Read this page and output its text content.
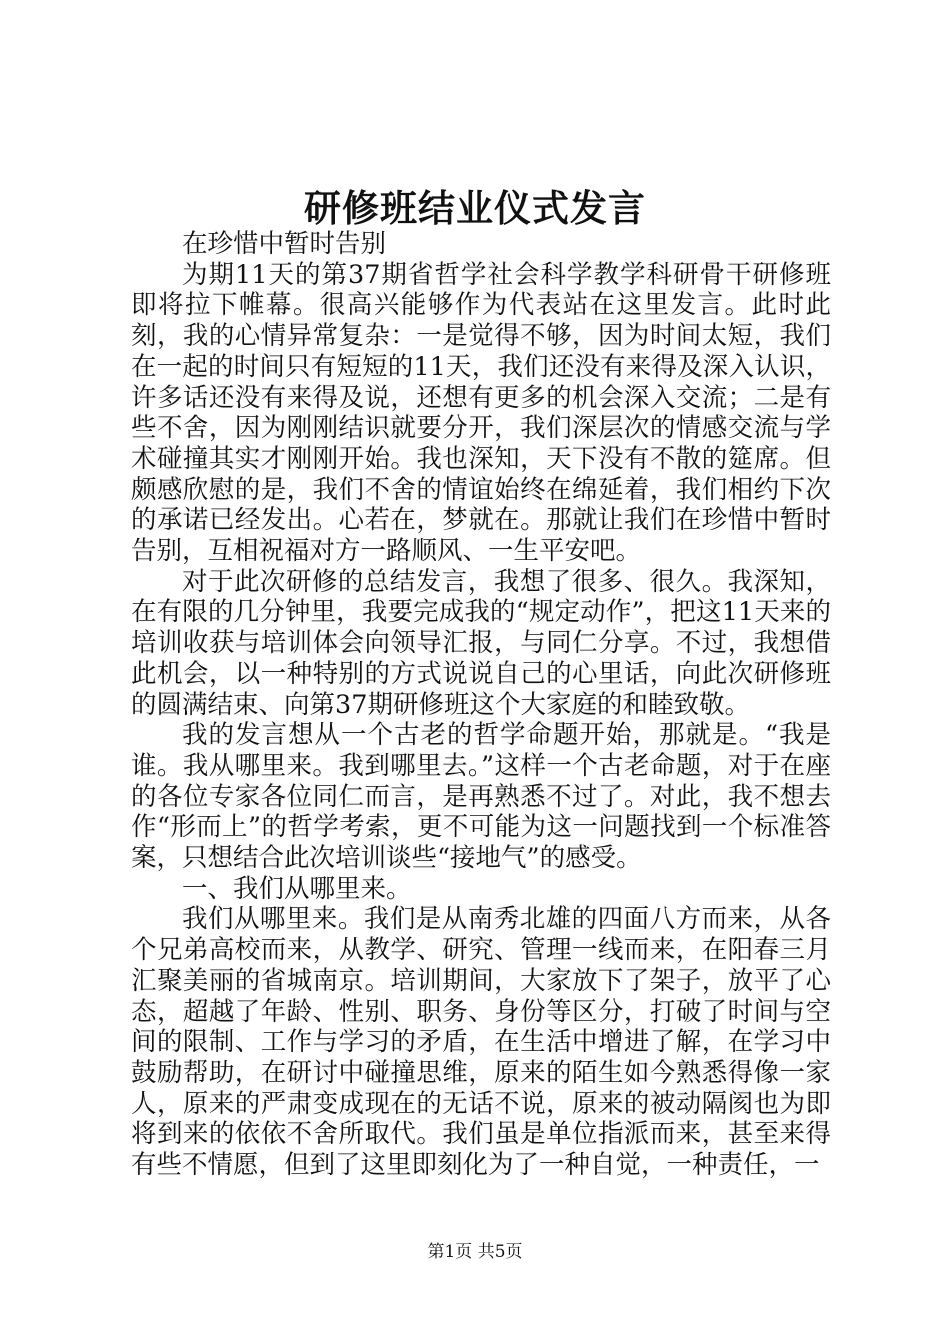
研修班结业仪式发言

在珍惜中暂时告别

为期11天的第37期省哲学社会科学教学科研骨干研修班即将拉下帷幕。很高兴能够作为代表站在这里发言。此时此刻，我的心情异常复杂：一是觉得不够，因为时间太短，我们在一起的时间只有短短的11天，我们还没有来得及深入认识，许多话还没有来得及说，还想有更多的机会深入交流；二是有些不舍，因为刚刚结识就要分开，我们深层次的情感交流与学术碰撞其实才刚刚开始。我也深知，天下没有不散的筵席。但颇感欣慰的是，我们不舍的情谊始终在绵延着，我们相约下次的承诺已经发出。心若在，梦就在。那就让我们在珍惜中暂时告别，互相祝福对方一路顺风、一生平安吧。

对于此次研修的总结发言，我想了很多、很久。我深知，在有限的几分钟里，我要完成我的“规定动作”，把这11天来的培训收获与培训体会向领导汇报，与同仁分享。不过，我想借此机会，以一种特别的方式说说自己的心里话，向此次研修班的圆满结束、向第37期研修班这个大家庭的和睦致敬。

我的发言想从一个古老的哲学命题开始，那就是。“我是谁。我从哪里来。我到哪里去。”这样一个古老命题，对于在座的各位专家各位同仁而言，是再熟悉不过了。对此，我不想去作“形而上”的哲学考索，更不可能为这一问题找到一个标准答案，只想结合此次培训谈些“接地气”的感受。

一、我们从哪里来。

我们从哪里来。我们是从南秀北雄的四面八方而来，从各个兄弟高校而来，从教学、研究、管理一线而来，在阳春三月汇聚美丽的省城南京。培训期间，大家放下了架子，放平了心态，超越了年龄、性别、职务、身份等区分，打破了时间与空间的限制、工作与学习的矛盾，在生活中增进了解，在学习中鼓励帮助，在研讨中碰撞思维，原来的陌生如今熟悉得像一家人，原来的严肃变成现在的无话不说，原来的被动隔阂也为即将到来的依依不舍所取代。我们虽是单位指派而来，甚至来得有些不情愿，但到了这里即刻化为了一种自觉，一种责任，一

第1页 共5页
